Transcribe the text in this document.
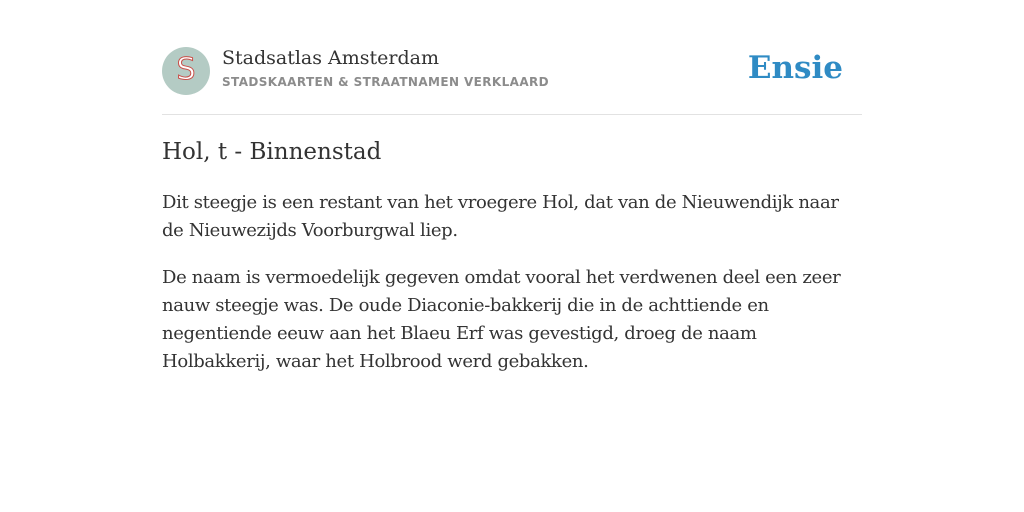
S Stadsatlas Amsterdam
STADSKAARTEN & STRAATNAMEN VERKLAARD	Ensie
Hol, t - Binnenstad

Dit steegje is een restant van het vroegere Hol, dat van de Nieuwendijk naar de Nieuwezijds Voorburgwal liep.

De naam is vermoedelijk gegeven omdat vooral het verdwenen deel een zeer nauw steegje was. De oude Diaconie-bakkerij die in de achttiende en negentiende eeuw aan het Blaeu Erf was gevestigd, droeg de naam Holbakkerij, waar het Holbrood werd gebakken.
